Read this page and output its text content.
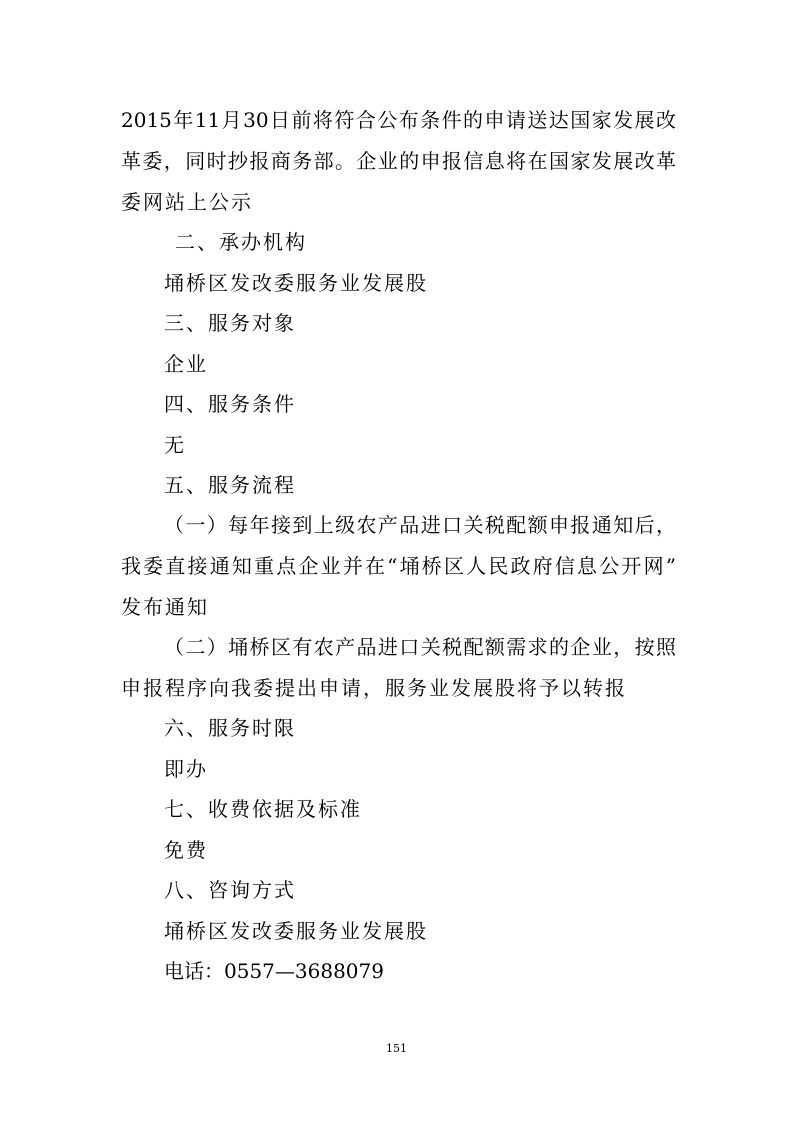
2015年11月30日前将符合公布条件的申请送达国家发展改
革委，同时抄报商务部。企业的申报信息将在国家发展改革
委网站上公示
二、承办机构
埇桥区发改委服务业发展股
三、服务对象
企业
四、服务条件
无
五、服务流程
（一）每年接到上级农产品进口关税配额申报通知后，
我委直接通知重点企业并在“埇桥区人民政府信息公开网”
发布通知
（二）埇桥区有农产品进口关税配额需求的企业，按照
申报程序向我委提出申请，服务业发展股将予以转报
六、服务时限
即办
七、收费依据及标准
免费
八、咨询方式
埇桥区发改委服务业发展股
电话：0557—3688079
151
